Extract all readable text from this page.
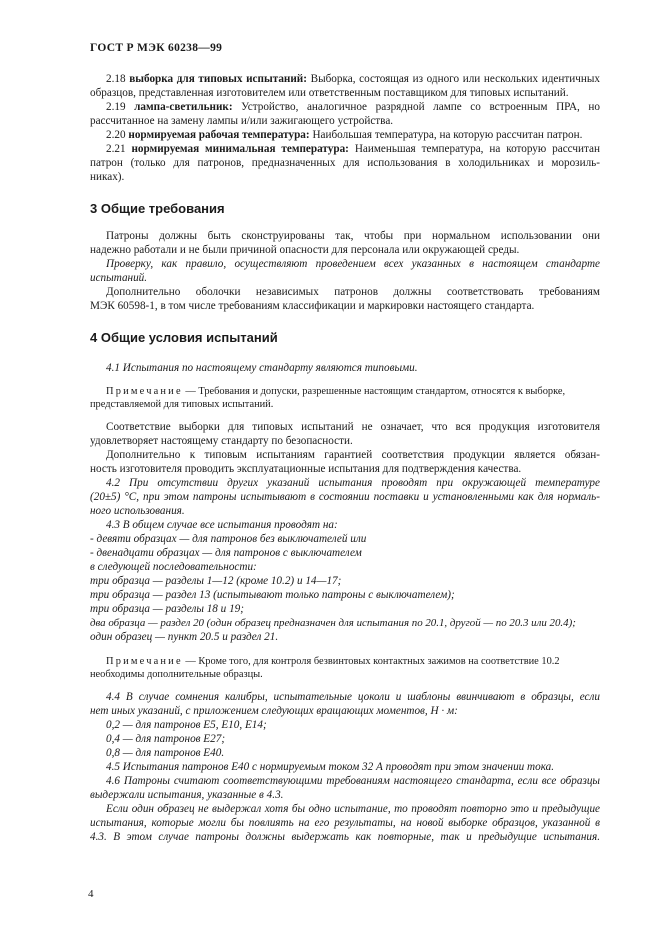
ГОСТ Р МЭК 60238—99
2.18 выборка для типовых испытаний: Выборка, состоящая из одного или нескольких идентичных
образцов, представленная изготовителем или ответственным поставщиком для типовых испытаний.
2.19 лампа-светильник: Устройство, аналогичное разрядной лампе со встроенным ПРА, но
рассчитанное на замену лампы и/или зажигающего устройства.
2.20 нормируемая рабочая температура: Наибольшая температура, на которую рассчитан патрон.
2.21 нормируемая минимальная температура: Наименьшая температура, на которую рассчитан
патрон (только для патронов, предназначенных для использования в холодильниках и морозиль-
никах).
3 Общие требования
Патроны должны быть сконструированы так, чтобы при нормальном использовании они
надежно работали и не были причиной опасности для персонала или окружающей среды.
Проверку, как правило, осуществляют проведением всех указанных в настоящем стандарте
испытаний.
Дополнительно оболочки независимых патронов должны соответствовать требованиям
МЭК 60598-1, в том числе требованиям классификации и маркировки настоящего стандарта.
4 Общие условия испытаний
4.1 Испытания по настоящему стандарту являются типовыми.
Примечание — Требования и допуски, разрешенные настоящим стандартом, относятся к выборке,
представляемой для типовых испытаний.
Соответствие выборки для типовых испытаний не означает, что вся продукция изготовителя
удовлетворяет настоящему стандарту по безопасности.
Дополнительно к типовым испытаниям гарантией соответствия продукции является обязан-
ность изготовителя проводить эксплуатационные испытания для подтверждения качества.
4.2 При отсутствии других указаний испытания проводят при окружающей температуре
(20±5) °С, при этом патроны испытывают в состоянии поставки и установленными как для нормаль-
ного использования.
4.3 В общем случае все испытания проводят на:
- девяти образцах — для патронов без выключателей или
- двенадцати образцах — для патронов с выключателем
в следующей последовательности:
три образца — разделы 1—12 (кроме 10.2) и 14—17;
три образца — раздел 13 (испытывают только патроны с выключателем);
три образца — разделы 18 и 19;
два образца — раздел 20 (один образец предназначен для испытания по 20.1, другой — по 20.3 или 20.4);
один образец — пункт 20.5 и раздел 21.
Примечание — Кроме того, для контроля безвинтовых контактных зажимов на соответствие 10.2
необходимы дополнительные образцы.
4.4 В случае сомнения калибры, испытательные цоколи и шаблоны ввинчивают в образцы, если
нет иных указаний, с приложением следующих вращающих моментов, Н · м:
0,2 — для патронов Е5, Е10, Е14;
0,4 — для патронов Е27;
0,8 — для патронов Е40.
4.5 Испытания патронов Е40 с нормируемым током 32 А проводят при этом значении тока.
4.6 Патроны считают соответствующими требованиям настоящего стандарта, если все образцы
выдержали испытания, указанные в 4.3.
Если один образец не выдержал хотя бы одно испытание, то проводят повторно это и предыдущие
испытания, которые могли бы повлиять на его результаты, на новой выборке образцов, указанной в
4.3. В этом случае патроны должны выдержать как повторные, так и предыдущие испытания.
4
